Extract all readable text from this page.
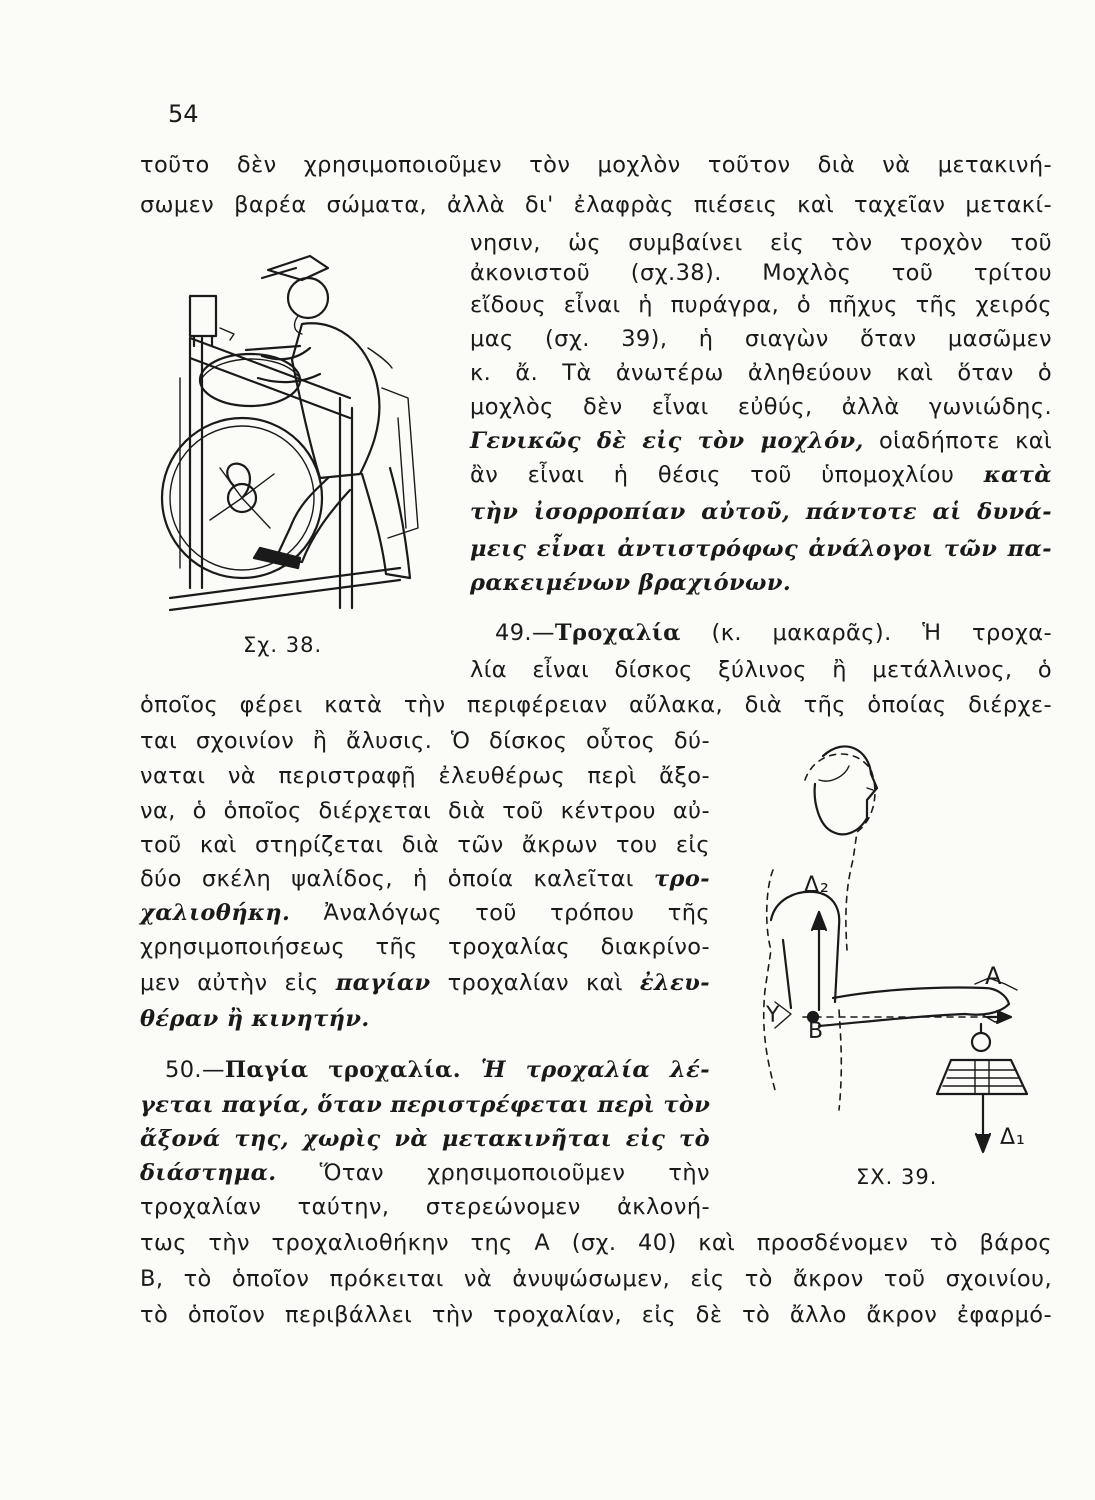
54
τοῦτο δὲν χρησιμοποιοῦμεν τὸν μοχλὸν τοῦτον διὰ νὰ μετακινή-
σωμεν βαρέα σώματα, ἀλλὰ δι' ἐλαφρὰς πιέσεις καὶ ταχεῖαν μετακί-
νησιν, ὡς συμβαίνει εἰς τὸν τροχὸν τοῦ
ἀκονιστοῦ (σχ.38). Μοχλὸς τοῦ τρίτου
εἴδους εἶναι ἡ πυράγρα, ὁ πῆχυς τῆς χειρός
μας (σχ. 39), ἡ σιαγὼν ὅταν μασῶμεν
κ. ἄ. Τὰ ἀνωτέρω ἀληθεύουν καὶ ὅταν ὁ
μοχλὸς δὲν εἶναι εὐθύς, ἀλλὰ γωνιώδης.
Γενικῶς δὲ εἰς τὸν μοχλόν, οἱαδήποτε καὶ
ἂν εἶναι ἡ θέσις τοῦ ὑπομοχλίου κατὰ
τὴν ἰσορροπίαν αὐτοῦ, πάντοτε αἱ δυνά-
μεις εἶναι ἀντιστρόφως ἀνάλογοι τῶν πα-
ρακειμένων βραχιόνων.
49.—Τροχαλία (κ. μακαρᾶς). Ἡ τροχα-
λία εἶναι δίσκος ξύλινος ἢ μετάλλινος, ὁ
ὁποῖος φέρει κατὰ τὴν περιφέρειαν αὔλακα, διὰ τῆς ὁποίας διέρχε-
ται σχοινίον ἢ ἄλυσις. Ὁ δίσκος οὗτος δύ-
ναται νὰ περιστραφῇ ἐλευθέρως περὶ ἄξο-
να, ὁ ὁποῖος διέρχεται διὰ τοῦ κέντρου αὐ-
τοῦ καὶ στηρίζεται διὰ τῶν ἄκρων του εἰς
δύο σκέλη ψαλίδος, ἡ ὁποία καλεῖται τρο-
χαλιοθήκη. Ἀναλόγως τοῦ τρόπου τῆς
χρησιμοποιήσεως τῆς τροχαλίας διακρίνο-
μεν αὐτὴν εἰς παγίαν τροχαλίαν καὶ ἐλευ-
θέραν ἢ κινητήν.
50.—Παγία τροχαλία. Ἡ τροχαλία λέ-
γεται παγία, ὅταν περιστρέφεται περὶ τὸν
ἄξονά της, χωρὶς νὰ μετακινῆται εἰς τὸ
διάστημα. Ὅταν χρησιμοποιοῦμεν τὴν
τροχαλίαν ταύτην, στερεώνομεν ἀκλονή-
τως τὴν τροχαλιοθήκην της Α (σχ. 40) καὶ προσδένομεν τὸ βάρος
Β, τὸ ὁποῖον πρόκειται νὰ ἀνυψώσωμεν, εἰς τὸ ἄκρον τοῦ σχοινίου,
τὸ ὁποῖον περιβάλλει τὴν τροχαλίαν, εἰς δὲ τὸ ἄλλο ἄκρον ἐφαρμό-
Σχ. 38.
Δ₂
Α
Υ
Β
Δ₁
ΣΧ. 39.
